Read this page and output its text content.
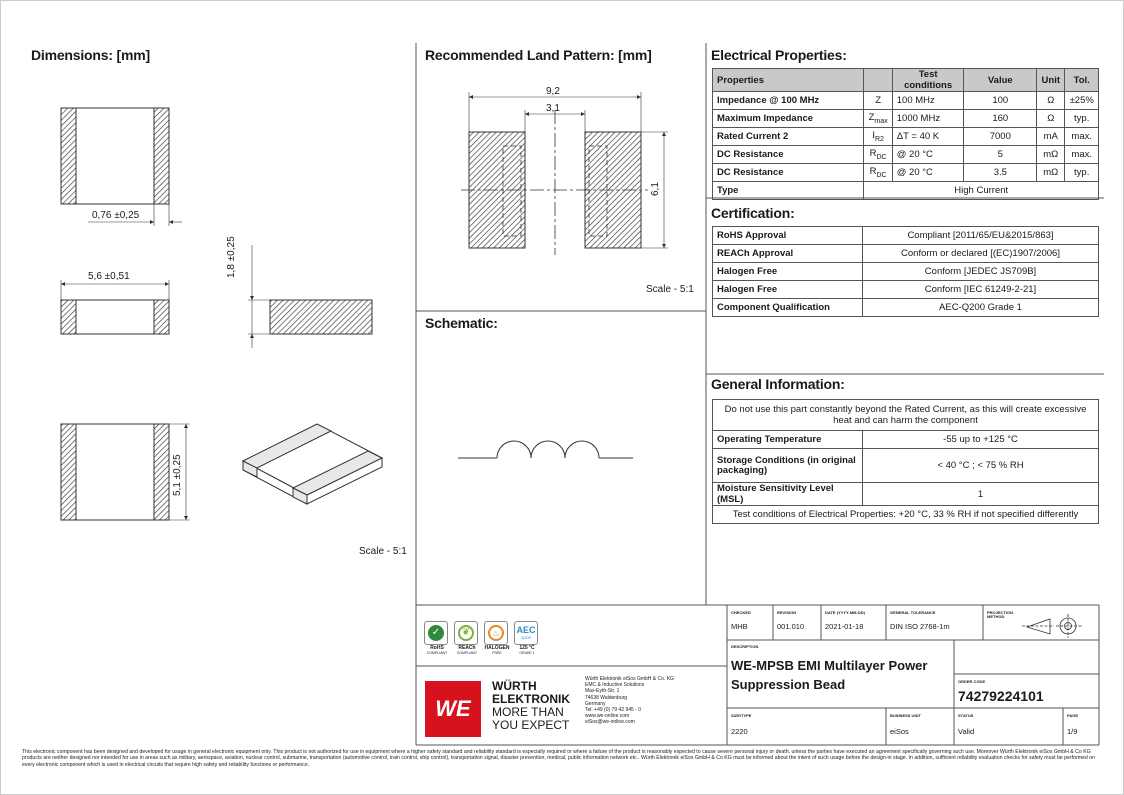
WE
Dimensions: [mm]	Recommended Land Pattern: [mm]
Schematic:
Electrical Properties:
Certification:
General Information:
0,76 ±0,25
5,6 ±0,51	1,8 ±0,25
5,1 ±0,25
Scale - 5:1
9,2
3,1
6,1
Scale - 5:1
Properties		Test conditions	Value	Unit	Tol.
Impedance @ 100 MHz	Z	100 MHz	100	Ω	±25%
Maximum Impedance	$Z_{max}$	1000 MHz	160	Ω	typ.
Rated Current 2	$I_{R2}$	ΔT = 40 K	7000	mA	max.
DC Resistance	$R_{DC}$	@ 20 °C	5	mΩ	max.
DC Resistance	$R_{DC}$	@ 20 °C	3.5	mΩ	typ.
Type	High Current				
RoHS Approval	Compliant [2011/65/EU&2015/863]
REACh Approval	Conform or declared [(EC)1907/2006]
Halogen Free	Conform [JEDEC JS709B]
Halogen Free	Conform [IEC 61249-2-21]
Component Qualification	AEC-Q200 Grade 1
Do not use this part constantly beyond the Rated Current, as this will create excessive heat and can harm the component	
Operating Temperature	-55 up to +125 °C
Storage Conditions (in original packaging)	< 40 °C ; < 75 % RH
Moisture Sensitivity Level (MSL)	1
Test conditions of Electrical Properties: +20 °C, 33 % RH if not specified differently	
✓
RoHS
COMPLIANT
❦
REACh
COMPLIANT
♨
HALOGEN
FREE
AEC
Q200
125 °C
GRADE 1
WÜRTH
ELEKTRONIK
MORE THAN
YOU EXPECT
Würth Elektronik eiSos GmbH & Co. KG
EMC & Inductive Solutions
Max-Eyth-Str. 1
74638 Waldenburg
Germany
Tel. +49 (0) 79 42 945 - 0
www.we-online.com
eiSos@we-online.com
CHECKED
MHB
REVISION
001.010
DATE (YYYY-MM-DD)
2021-01-18
GENERAL TOLERANCE
DIN ISO 2768-1m
PROJECTION METHOD
DESCRIPTION
WE-MPSB EMI Multilayer Power
Suppression Bead	ORDER CODE
74279224101
SIZE/TYPE
2220
BUSINESS UNIT
eiSos
STATUS
Valid
PAGE
1/9
This electronic component has been designed and developed for usage in general electronic equipment only. This product is not authorized for use in equipment where a higher safety standard and reliability standard is especially required or where a failure of the product is reasonably expected to cause severe personal injury or death, unless the parties have executed an agreement specifically governing such use. Moreover Würth Elektronik eiSos GmbH & Co KG products are neither designed nor intended for use in areas such as military, aerospace, aviation, nuclear control, submarine, transportation (automotive control, train control, ship control), transportation signal, disaster prevention, medical, public information network etc.. Würth Elektronik eiSos GmbH & Co KG must be informed about the intent of such usage before the design-in stage. In addition, sufficient reliability evaluation checks for safety must be performed on every electronic component which is used in electrical circuits that require high safety and reliability functions or performance.
